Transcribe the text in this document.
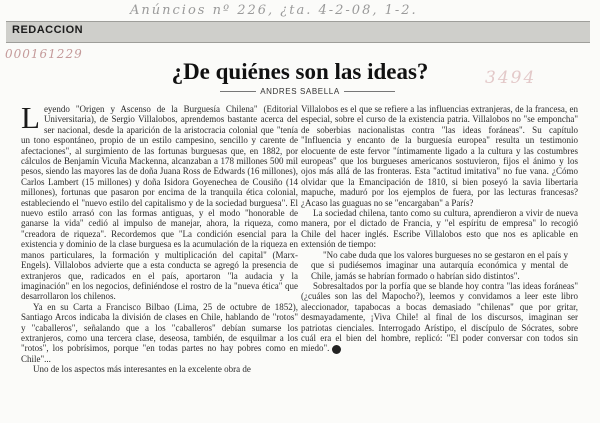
Anúncios nº 226, ¿ta. 4-2-08, 1-2.
REDACCION
000161229
3494
¿De quiénes son las ideas?
ANDRES SABELLA

Leyendo "Origen y Ascenso de la Burguesía Chilena" (Editorial Universitaria), de Sergio Villalobos, aprendemos bastante acerca del ser nacional, desde la aparición de la aristocracia colonial que "tenía un tono espontáneo, propio de un estilo campesino, sencillo y carente de afectaciones", al surgimiento de las fortunas burguesas que, en 1882, por cálculos de Benjamín Vicuña Mackenna, alcanzaban a 178 millones 500 mil pesos, siendo las mayores las de doña Juana Ross de Edwards (16 millones), Carlos Lambert (15 millones) y doña Isidora Goyenechea de Cousiño (14 millones), fortunas que pasaron por encima de la tranquila ética colonial, estableciendo el "nuevo estilo del capitalismo y de la sociedad burguesa". El nuevo estilo arrasó con las formas antiguas, y el modo "honorable de ganarse la vida" cedió al impulso de manejar, ahora, la riqueza, como "creadora de riqueza". Recordemos que "La condición esencial para la existencia y dominio de la clase burguesa es la acumulación de la riqueza en manos particulares, la formación y multiplicación del capital" (Marx-Engels). Villalobos advierte que a esta conducta se agregó la presencia de extranjeros que, radicados en el país, aportaron "la audacia y la imaginación" en los negocios, definiéndose el rostro de la "nueva ética" que desarrollaron los chilenos.

Ya en su Carta a Francisco Bilbao (Lima, 25 de octubre de 1852), Santiago Arcos indicaba la división de clases en Chile, hablando de "rotos" y "caballeros", señalando que a los "caballeros" debían sumarse los extranjeros, como una tercera clase, deseosa, también, de esquilmar a los "rotos", los pobrísimos, porque "en todas partes no hay pobres como en Chile"...

Uno de los aspectos más interesantes en la excelente obra de

Villalobos es el que se refiere a las influencias extranjeras, de la francesa, en especial, sobre el curso de la existencia patria. Villalobos no "se emponcha" de soberbias nacionalistas contra "las ideas foráneas". Su capítulo "Influencia y encanto de la burguesía europea" resulta un testimonio elocuente de este fervor "íntimamente ligado a la cultura y las costumbres europeas" que los burgueses americanos sostuvieron, fijos el ánimo y los ojos más allá de las fronteras. Esta "actitud imitativa" no fue vana. ¿Cómo olvidar que la Emancipación de 1810, si bien poseyó la savia libertaria mapuche, maduró por los ejemplos de fuera, por las lecturas francesas? ¿Acaso las guaguas no se "encargaban" a París?

La sociedad chilena, tanto como su cultura, aprendieron a vivir de nueva manera, por el dictado de Francia, y "el espíritu de empresa" lo recogió Chile del hacer inglés. Escribe Villalobos esto que nos es aplicable en extensión de tiempo:

"No cabe duda que los valores burgueses no se gestaron en el país y que si pudiésemos imaginar una autarquía económica y mental de Chile, jamás se habrían formado o habrían sido distintos".

Sobresaltados por la porfía que se blande hoy contra "las ideas foráneas" (¿cuáles son las del Mapocho?), leemos y convidamos a leer este libro aleccionador, tapabocas a bocas demasiado "chilenas" que por gritar, desmayadamente, ¡Viva Chile! al final de los discursos, imaginan ser patriotas cienciales. Interrogado Arístipo, el discípulo de Sócrates, sobre cuál era el bien del hombre, replicó: "El poder conversar con todos sin miedo".
